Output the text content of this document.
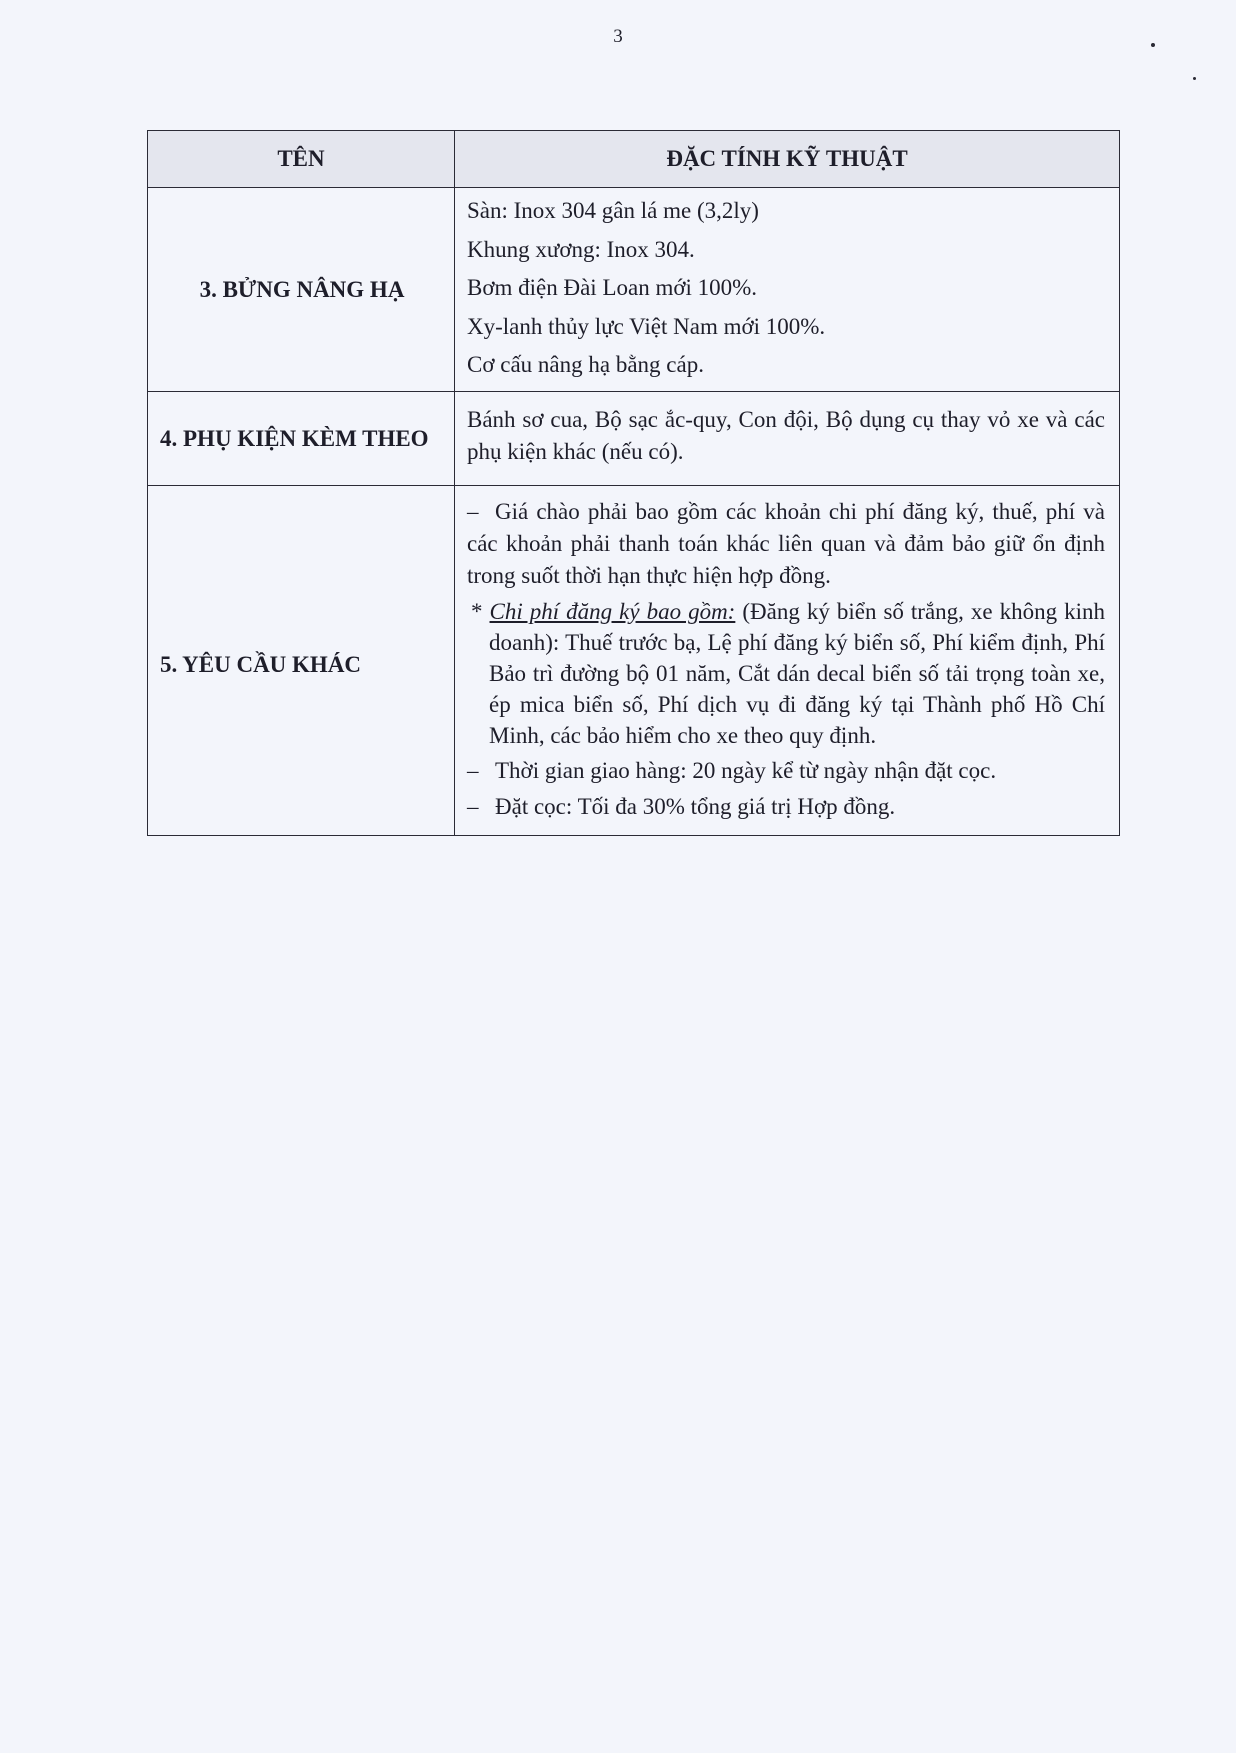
3
TÊN	ĐẶC TÍNH KỸ THUẬT
3. BỬNG NÂNG HẠ	Sàn: Inox 304 gân lá me (3,2ly)
Khung xương: Inox 304.
Bơm điện Đài Loan mới 100%.
Xy-lanh thủy lực Việt Nam mới 100%.
Cơ cấu nâng hạ bằng cáp.

4. PHỤ KIỆN KÈM THEO	Bánh sơ cua, Bộ sạc ắc-quy, Con đội, Bộ dụng cụ thay vỏ xe và các phụ kiện khác (nếu có).

5. YÊU CẦU KHÁC	– Giá chào phải bao gồm các khoản chi phí đăng ký, thuế, phí và các khoản phải thanh toán khác liên quan và đảm bảo giữ ổn định trong suốt thời hạn thực hiện hợp đồng.
* Chi phí đăng ký bao gồm: (Đăng ký biển số trắng, xe không kinh doanh): Thuế trước bạ, Lệ phí đăng ký biển số, Phí kiểm định, Phí Bảo trì đường bộ 01 năm, Cắt dán decal biển số tải trọng toàn xe, ép mica biển số, Phí dịch vụ đi đăng ký tại Thành phố Hồ Chí Minh, các bảo hiểm cho xe theo quy định.
– Thời gian giao hàng: 20 ngày kể từ ngày nhận đặt cọc.
– Đặt cọc: Tối đa 30% tổng giá trị Hợp đồng.
